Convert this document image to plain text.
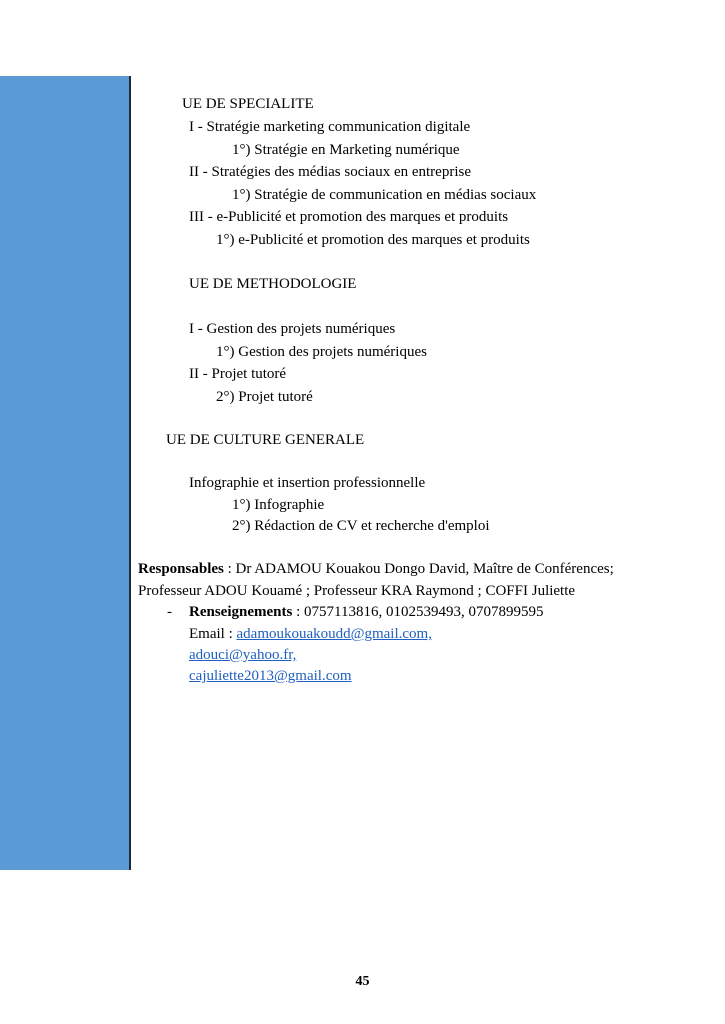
UE DE SPECIALITE
I - Stratégie marketing communication digitale
1°) Stratégie en Marketing numérique
II - Stratégies des médias sociaux en entreprise
1°) Stratégie de communication en médias sociaux
III - e-Publicité et promotion des marques et produits
1°) e-Publicité et promotion des marques et produits
UE DE METHODOLOGIE
I - Gestion des projets numériques
1°) Gestion des projets numériques
II - Projet tutoré
2°) Projet tutoré
UE DE CULTURE GENERALE
Infographie et insertion professionnelle
1°) Infographie
2°) Rédaction de CV et recherche d'emploi
Responsables : Dr ADAMOU Kouakou Dongo David, Maître de Conférences;
Professeur ADOU Kouamé ; Professeur KRA Raymond ; COFFI Juliette
- Renseignements : 0757113816, 0102539493, 0707899595
Email : adamoukouakoudd@gmail.com,
adouci@yahoo.fr,
cajuliette2013@gmail.com
45
